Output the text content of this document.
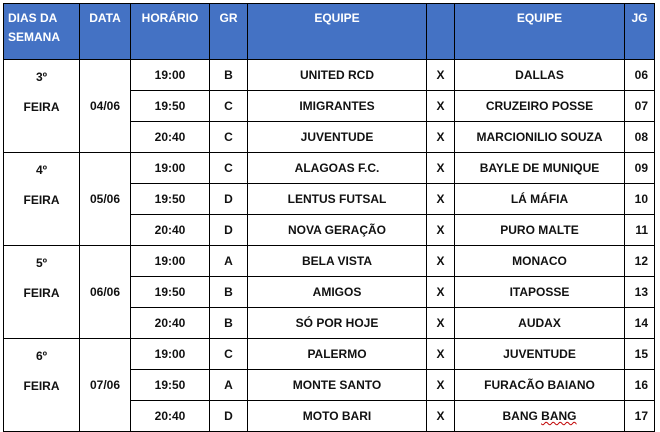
DIAS DA SEMANA	DATA	HORÁRIO	GR	EQUIPE		EQUIPE	JG

3º
FEIRA	04/06	19:00	B	UNITED RCD	X	DALLAS	06
		19:50	C	IMIGRANTES	X	CRUZEIRO POSSE	07
		20:40	C	JUVENTUDE	X	MARCIONILIO SOUZA	08

4º
FEIRA	05/06	19:00	C	ALAGOAS F.C.	X	BAYLE DE MUNIQUE	09
		19:50	D	LENTUS FUTSAL	X	LÁ MÁFIA	10
		20:40	D	NOVA GERAÇÃO	X	PURO MALTE	11

5º
FEIRA	06/06	19:00	A	BELA VISTA	X	MONACO	12
		19:50	B	AMIGOS	X	ITAPOSSE	13
		20:40	B	SÓ POR HOJE	X	AUDAX	14

6º
FEIRA	07/06	19:00	C	PALERMO	X	JUVENTUDE	15
		19:50	A	MONTE SANTO	X	FURACÃO BAIANO	16
		20:40	D	MOTO BARI	X	BANG BANG	17
